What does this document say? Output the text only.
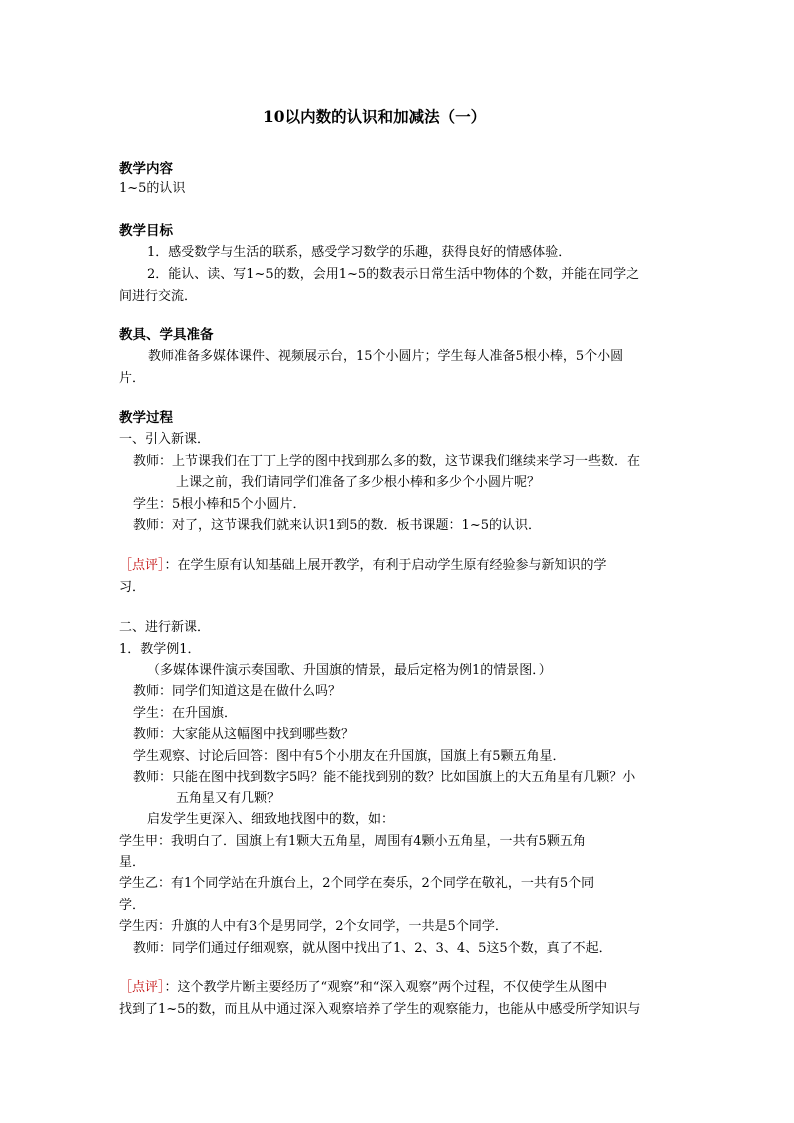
10以内数的认识和加减法（一）
教学内容
1~5的认识
教学目标
1．感受数学与生活的联系，感受学习数学的乐趣，获得良好的情感体验．
2．能认、读、写1~5的数，会用1~5的数表示日常生活中物体的个数，并能在同学之
间进行交流．
教具、学具准备
教师准备多媒体课件、视频展示台，15个小圆片；学生每人准备5根小棒，5个小圆
片．
教学过程
一、引入新课．
教师：上节课我们在丁丁上学的图中找到那么多的数，这节课我们继续来学习一些数．在
上课之前，我们请同学们准备了多少根小棒和多少个小圆片呢？
学生：5根小棒和5个小圆片．
教师：对了，这节课我们就来认识1到5的数．板书课题：1~5的认识．
［点评］：在学生原有认知基础上展开教学，有利于启动学生原有经验参与新知识的学
习．
二、进行新课．
1．教学例1．
（多媒体课件演示奏国歌、升国旗的情景，最后定格为例1的情景图．）
教师：同学们知道这是在做什么吗？
学生：在升国旗．
教师：大家能从这幅图中找到哪些数？
学生观察、讨论后回答：图中有5个小朋友在升国旗，国旗上有5颗五角星．
教师：只能在图中找到数字5吗？能不能找到别的数？比如国旗上的大五角星有几颗？小
五角星又有几颗？
启发学生更深入、细致地找图中的数，如：
学生甲：我明白了．国旗上有1颗大五角星，周围有4颗小五角星，一共有5颗五角
星．
学生乙：有1个同学站在升旗台上，2个同学在奏乐，2个同学在敬礼，一共有5个同
学．
学生丙：升旗的人中有3个是男同学，2个女同学，一共是5个同学．
教师：同学们通过仔细观察，就从图中找出了1、2、3、4、5这5个数，真了不起．
［点评］：这个教学片断主要经历了“观察”和“深入观察”两个过程，不仅使学生从图中
找到了1~5的数，而且从中通过深入观察培养了学生的观察能力，也能从中感受所学知识与
